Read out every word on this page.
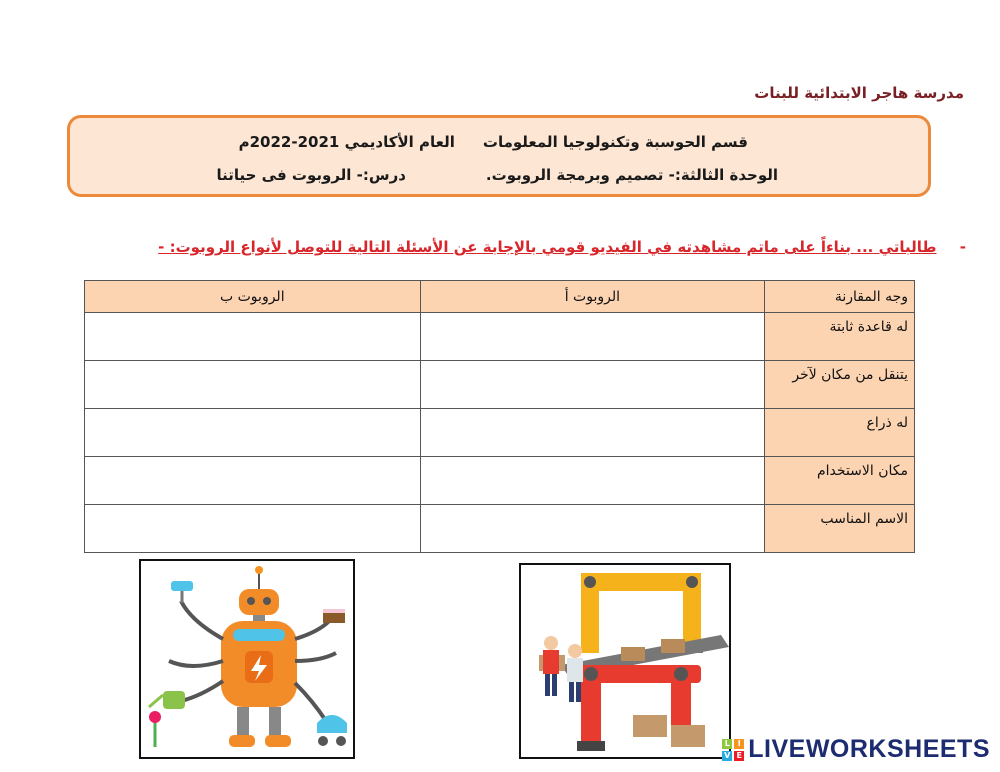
مدرسة هاجر الابتدائية للبنات
قسم الحوسبة وتكنولوجيا المعلومات
العام الأكاديمي 2021-2022م
الوحدة الثالثة:- تصميم وبرمجة الروبوت.
درس:- الروبوت فى حياتنا
- طالباتي ... بناءاً على ماتم مشاهدته في الفيديو قومي بالإجابة عن الأسئلة التالية للتوصل لأنواع الروبوت: -
وجه المقارنة	الروبوت أ	الروبوت ب
له قاعدة ثابتة		
يتنقل من مكان لآخر		
له ذراع		
مكان الاستخدام		
الاسم المناسب		
L I
V E LIVEWORKSHEETS
